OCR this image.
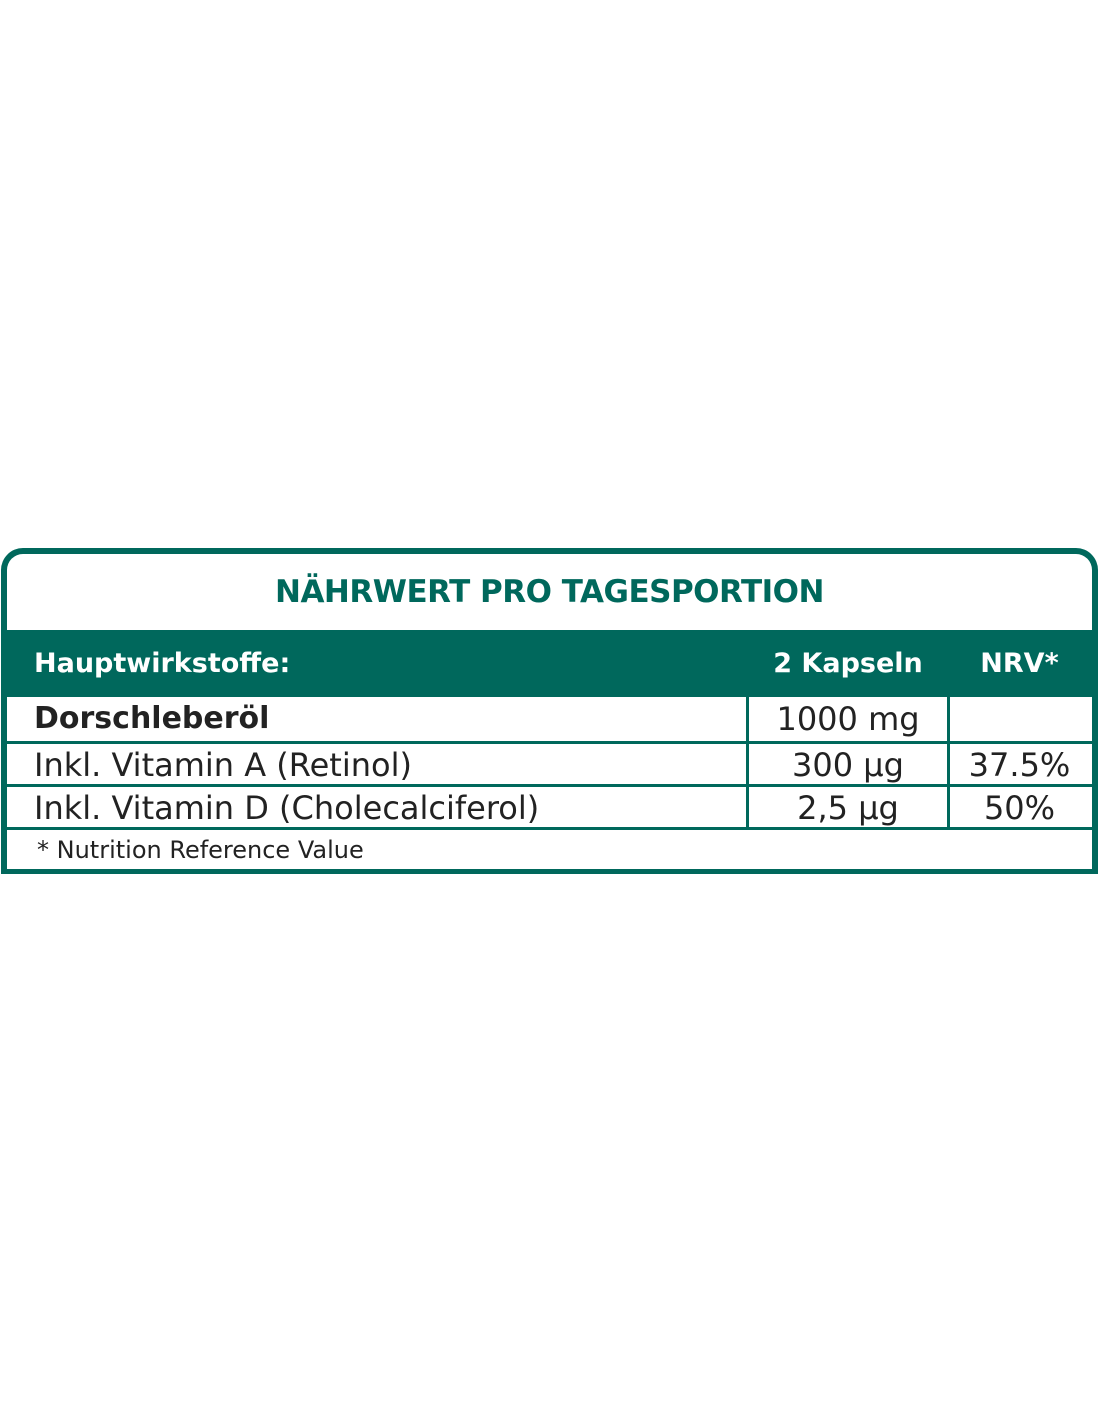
NÄHRWERT PRO TAGESPORTION
Hauptwirkstoffe:	2 Kapseln	NRV*
Dorschleberöl	1000 mg
Inkl. Vitamin A (Retinol)	300 µg	37.5%
Inkl. Vitamin D (Cholecalciferol)	2,5 µg	50%
* Nutrition Reference Value
